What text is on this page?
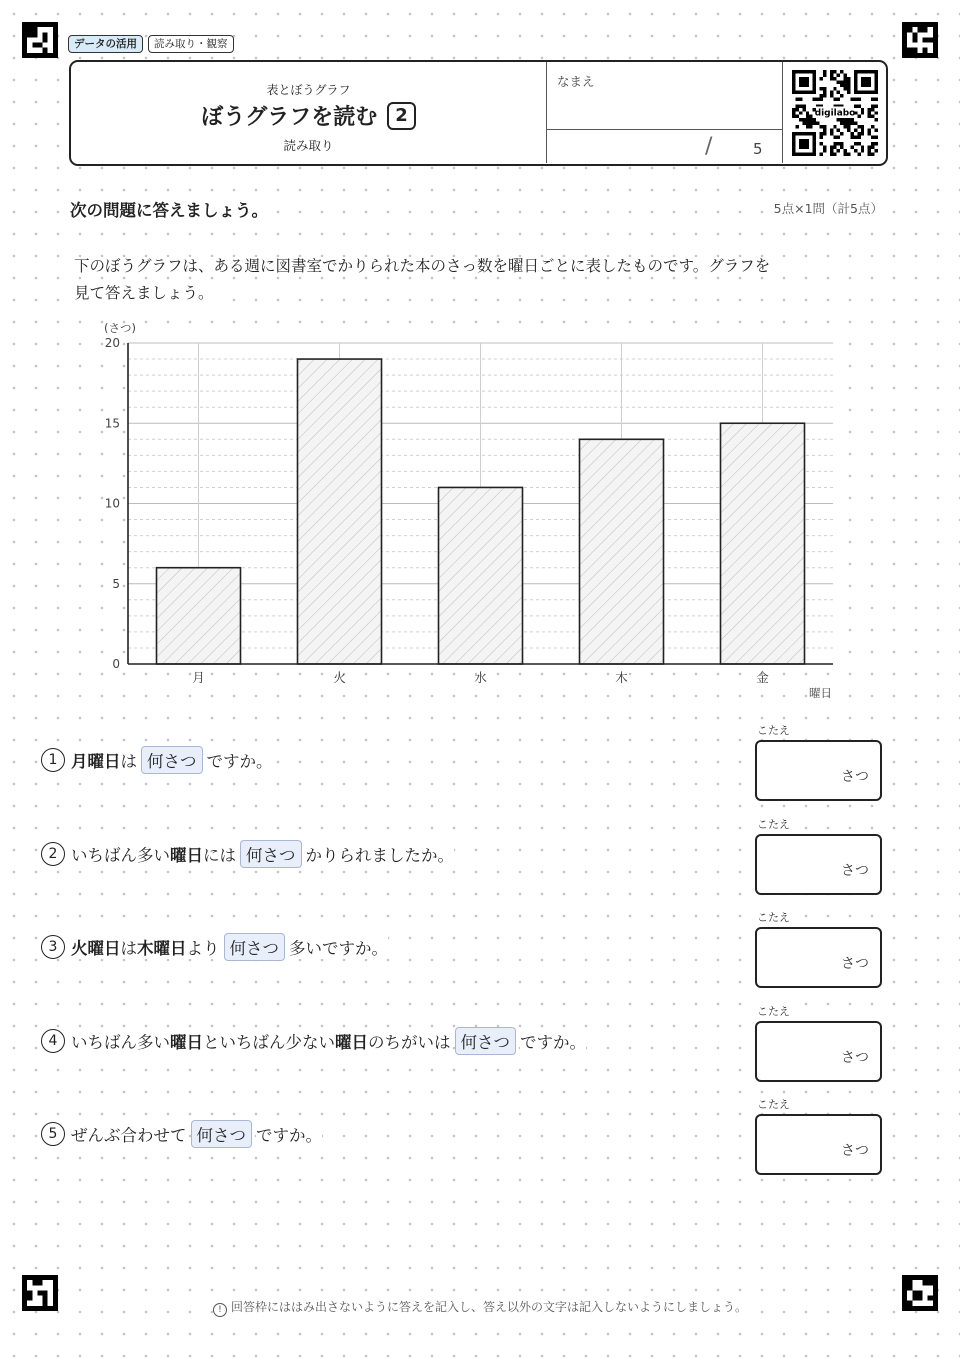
データの活用	読み取り・観察
表とぼうグラフ
ぼうグラフを読む	2
読み取り
なまえ
/	5
digilabo
次の問題に答えましょう。	5点×1問（計5点）
下のぼうグラフは、ある週に図書室でかりられた本のさっ数を曜日ごとに表したものです。グラフを
見て答えましょう。
0
5
10
15
20
月	火	水	木	金
(さつ)
曜日
1 月曜日 は 何さつ ですか。
こたえ
さつ
2 いちばん多い 曜日 には 何さつ かりられましたか。
こたえ
さつ
3 火曜日 は 木曜日 より 何さつ 多いですか。
こたえ
さつ
4 いちばん多い 曜日 といちばん少ない 曜日 のちがいは 何さつ ですか。
こたえ
さつ
5 ぜんぶ合わせて 何さつ ですか。
こたえ
さつ
! 回答枠にははみ出さないように答えを記入し、答え以外の文字は記入しないようにしましょう。
